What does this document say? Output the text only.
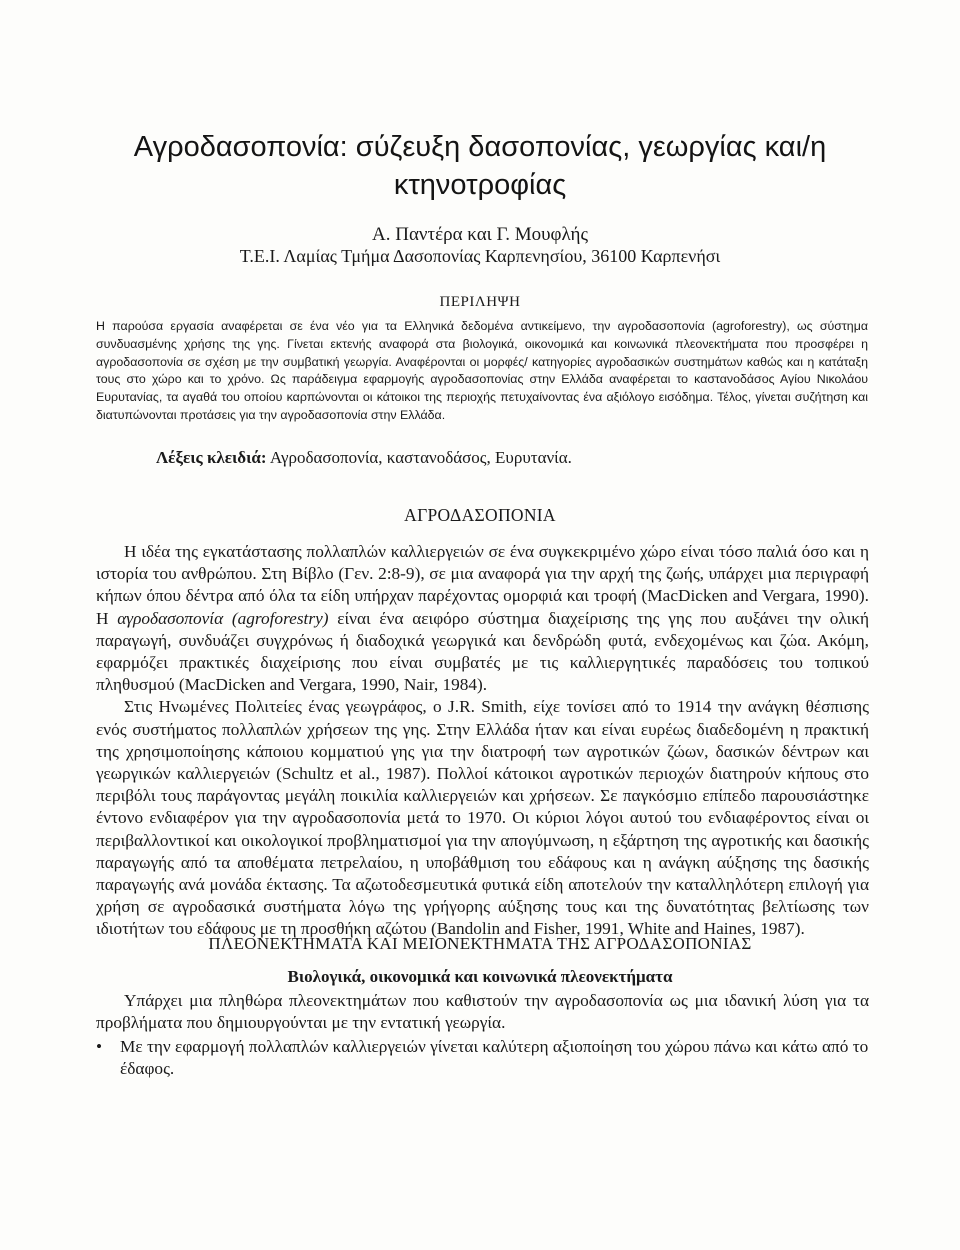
Αγροδασοπονία: σύζευξη δασοπονίας, γεωργίας και/η κτηνοτροφίας
Α. Παντέρα και Γ. Μουφλής
Τ.Ε.Ι. Λαμίας Τμήμα Δασοπονίας Καρπενησίου, 36100 Καρπενήσι
ΠΕΡΙΛΗΨΗ

Η παρούσα εργασία αναφέρεται σε ένα νέο για τα Ελληνικά δεδομένα αντικείμενο, την αγροδασοπονία (agroforestry), ως σύστημα συνδυασμένης χρήσης της γης. Γίνεται εκτενής αναφορά στα βιολογικά, οικονομικά και κοινωνικά πλεονεκτήματα που προσφέρει η αγροδασοπονία σε σχέση με την συμβατική γεωργία. Αναφέρονται οι μορφές/ κατηγορίες αγροδασικών συστημάτων καθώς και η κατάταξη τους στο χώρο και το χρόνο. Ως παράδειγμα εφαρμογής αγροδασοπονίας στην Ελλάδα αναφέρεται το καστανοδάσος Αγίου Νικολάου Ευρυτανίας, τα αγαθά του οποίου καρπώνονται οι κάτοικοι της περιοχής πετυχαίνοντας ένα αξιόλογο εισόδημα. Τέλος, γίνεται συζήτηση και διατυπώνονται προτάσεις για την αγροδασοπονία στην Ελλάδα.

Λέξεις κλειδιά: Αγροδασοπονία, καστανοδάσος, Ευρυτανία.
ΑΓΡΟΔΑΣΟΠΟΝΙΑ

Η ιδέα της εγκατάστασης πολλαπλών καλλιεργειών σε ένα συγκεκριμένο χώρο είναι τόσο παλιά όσο και η ιστορία του ανθρώπου. Στη Βίβλο (Γεν. 2:8-9), σε μια αναφορά για την αρχή της ζωής, υπάρχει μια περιγραφή κήπων όπου δέντρα από όλα τα είδη υπήρχαν παρέχοντας ομορφιά και τροφή (MacDicken and Vergara, 1990). Η αγροδασοπονία (agroforestry) είναι ένα αειφόρο σύστημα διαχείρισης της γης που αυξάνει την ολική παραγωγή, συνδυάζει συγχρόνως ή διαδοχικά γεωργικά και δενδρώδη φυτά, ενδεχομένως και ζώα. Ακόμη, εφαρμόζει πρακτικές διαχείρισης που είναι συμβατές με τις καλλιεργητικές παραδόσεις του τοπικού πληθυσμού (MacDicken and Vergara, 1990, Nair, 1984).

Στις Ηνωμένες Πολιτείες ένας γεωγράφος, ο J.R. Smith, είχε τονίσει από το 1914 την ανάγκη θέσπισης ενός συστήματος πολλαπλών χρήσεων της γης. Στην Ελλάδα ήταν και είναι ευρέως διαδεδομένη η πρακτική της χρησιμοποίησης κάποιου κομματιού γης για την διατροφή των αγροτικών ζώων, δασικών δέντρων και γεωργικών καλλιεργειών (Schultz et al., 1987). Πολλοί κάτοικοι αγροτικών περιοχών διατηρούν κήπους στο περιβόλι τους παράγοντας μεγάλη ποικιλία καλλιεργειών και χρήσεων. Σε παγκόσμιο επίπεδο παρουσιάστηκε έντονο ενδιαφέρον για την αγροδασοπονία μετά το 1970. Οι κύριοι λόγοι αυτού του ενδιαφέροντος είναι οι περιβαλλοντικοί και οικολογικοί προβληματισμοί για την απογύμνωση, η εξάρτηση της αγροτικής και δασικής παραγωγής από τα αποθέματα πετρελαίου, η υποβάθμιση του εδάφους και η ανάγκη αύξησης της δασικής παραγωγής ανά μονάδα έκτασης. Τα αζωτοδεσμευτικά φυτικά είδη αποτελούν την καταλληλότερη επιλογή για χρήση σε αγροδασικά συστήματα λόγω της γρήγορης αύξησης τους και της δυνατότητας βελτίωσης των ιδιοτήτων του εδάφους με τη προσθήκη αζώτου (Bandolin and Fisher, 1991, White and Haines, 1987).

ΠΛΕΟΝΕΚΤΗΜΑΤΑ ΚΑΙ ΜΕΙΟΝΕΚΤΗΜΑΤΑ ΤΗΣ ΑΓΡΟΔΑΣΟΠΟΝΙΑΣ
Βιολογικά, οικονομικά και κοινωνικά πλεονεκτήματα

Υπάρχει μια πληθώρα πλεονεκτημάτων που καθιστούν την αγροδασοπονία ως μια ιδανική λύση για τα προβλήματα που δημιουργούνται με την εντατική γεωργία.

•	Με την εφαρμογή πολλαπλών καλλιεργειών γίνεται καλύτερη αξιοποίηση του χώρου πάνω και κάτω από το έδαφος.
